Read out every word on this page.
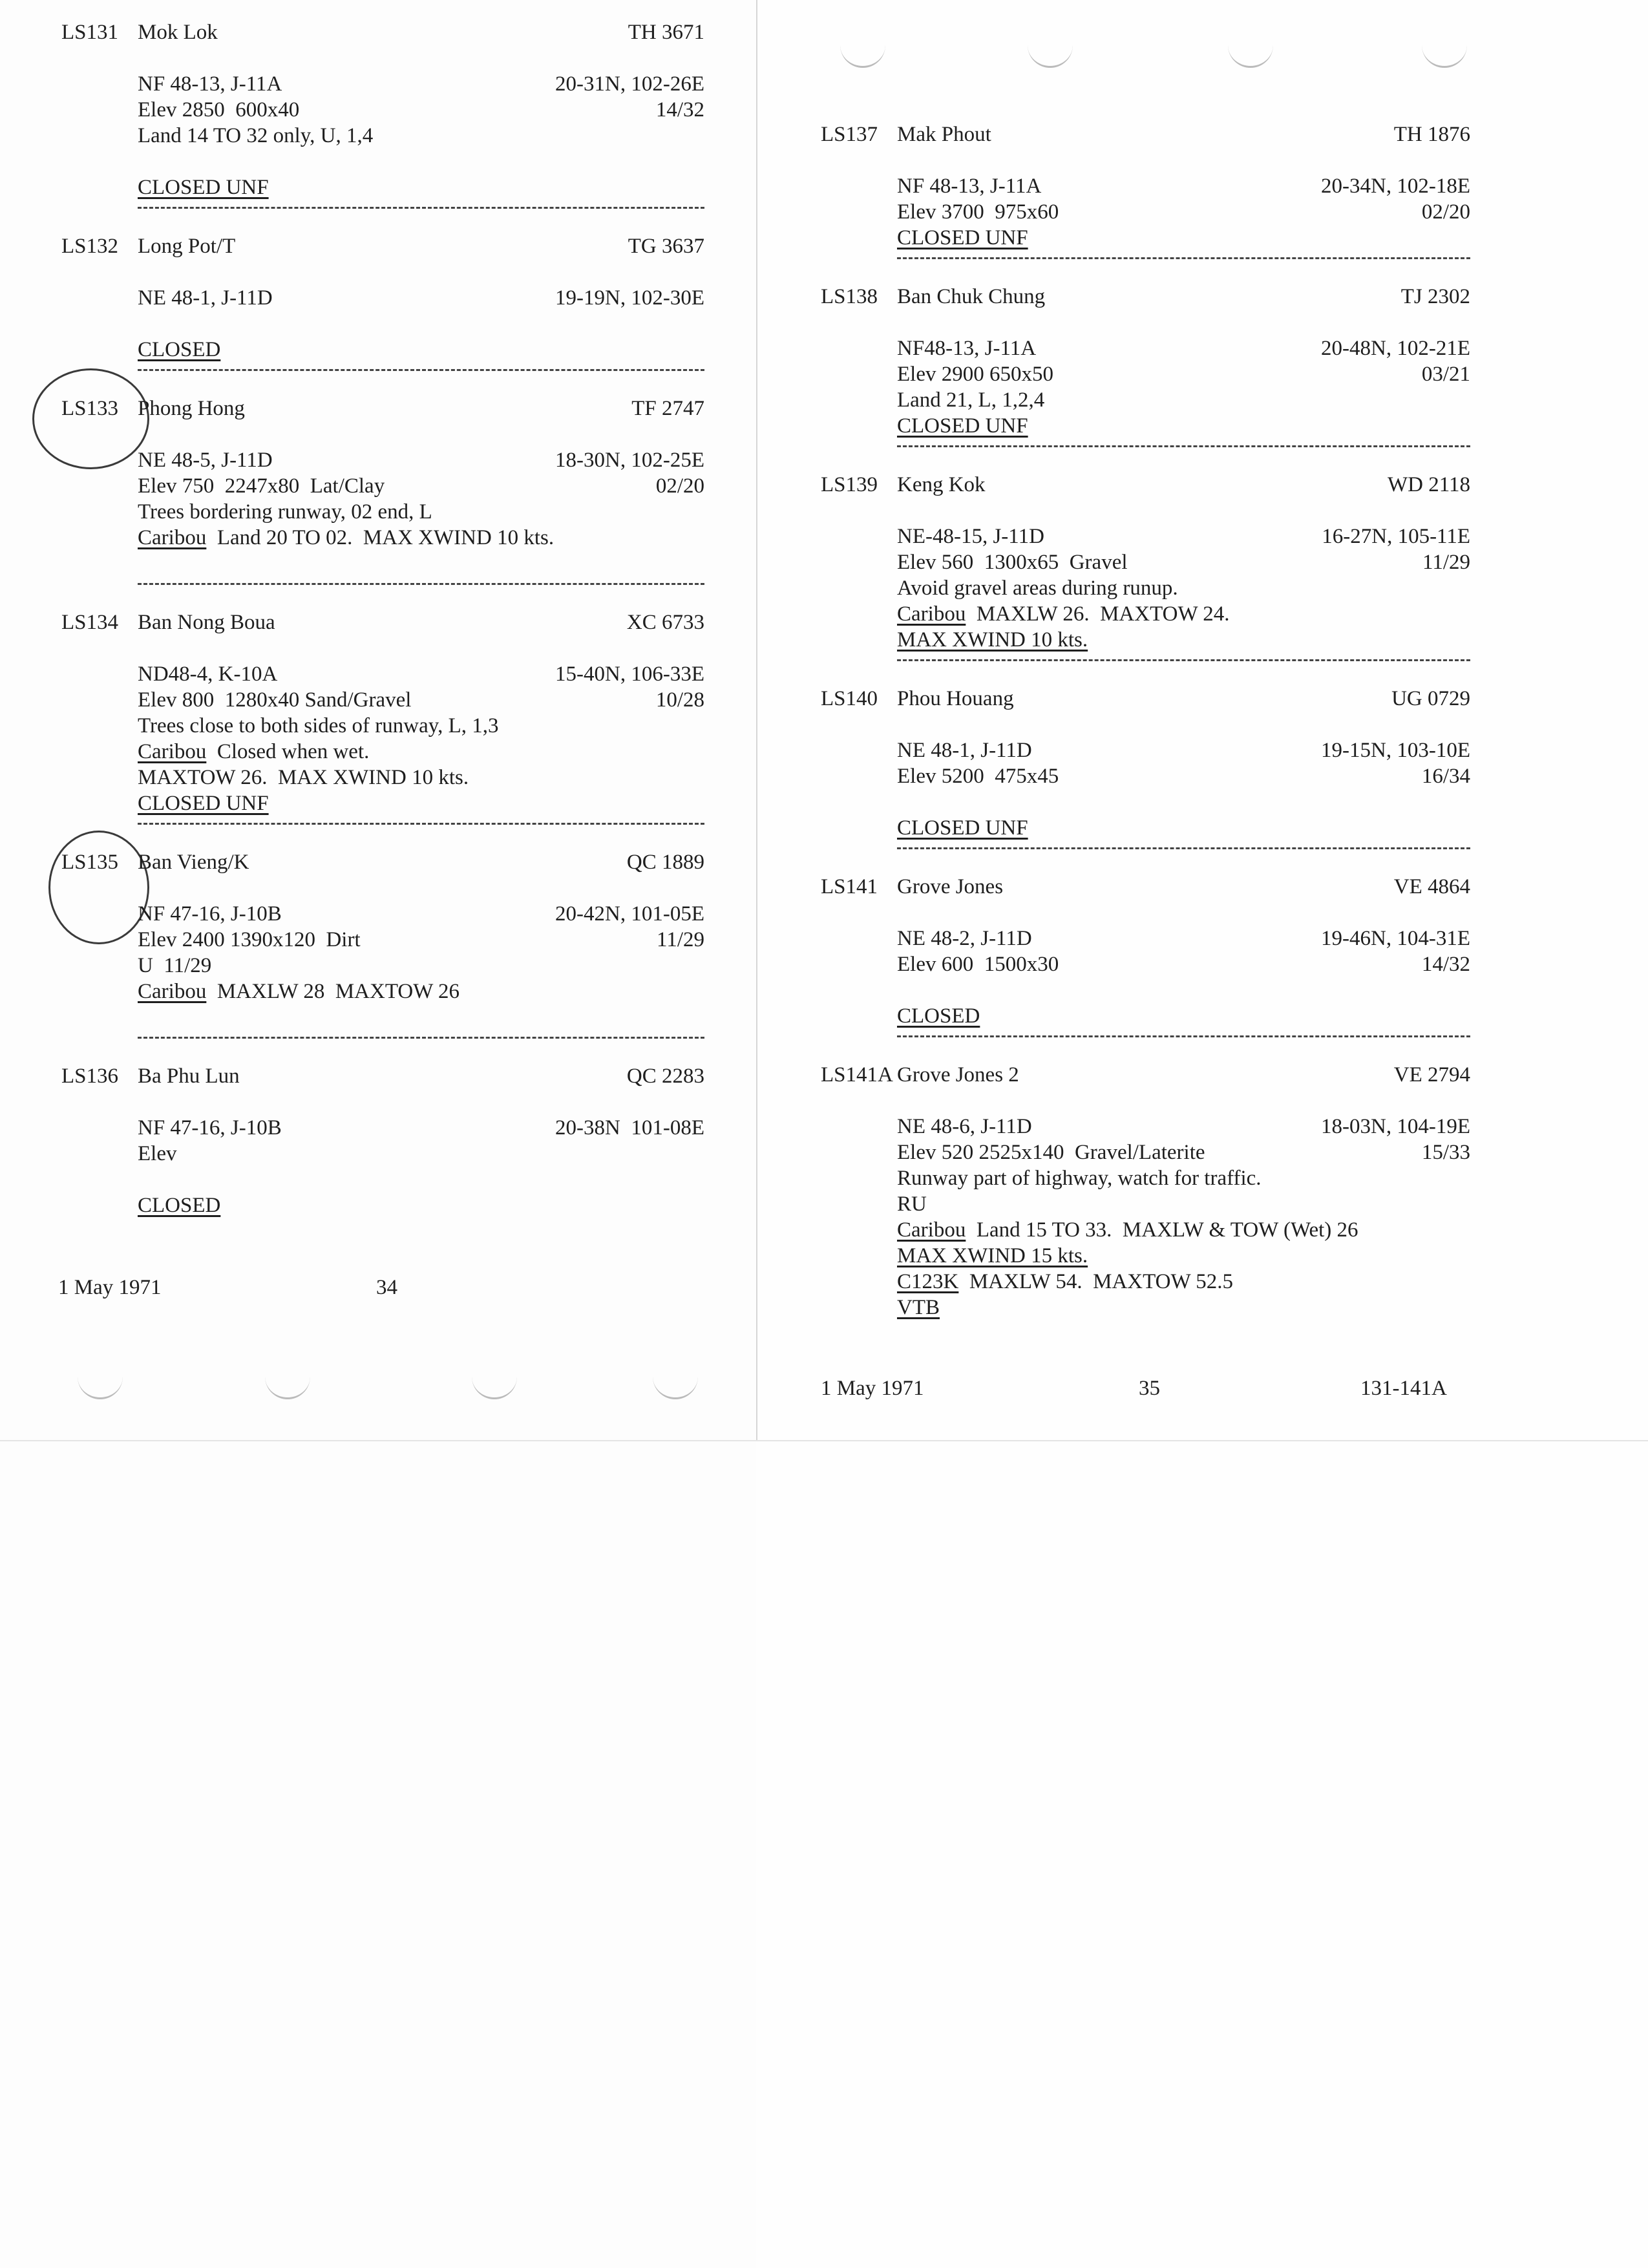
LS131 Mok Lok	TH 3671
NF 48-13, J-11A	20-31N, 102-26E
Elev 2850  600x40	14/32
Land 14 TO 32 only, U, 1,4
CLOSED UNF
LS132 Long Pot/T	TG 3637
NE 48-1, J-11D	19-19N, 102-30E
CLOSED
LS133 Phong Hong	TF 2747
NE 48-5, J-11D	18-30N, 102-25E
Elev 750  2247x80  Lat/Clay	02/20
Trees bordering runway, 02 end, L
Caribou  Land 20 TO 02.  MAX XWIND 10 kts.
LS134 Ban Nong Boua	XC 6733
ND48-4, K-10A	15-40N, 106-33E
Elev 800  1280x40 Sand/Gravel	10/28
Trees close to both sides of runway, L, 1,3
Caribou  Closed when wet.
MAXTOW 26.  MAX XWIND 10 kts.
CLOSED UNF
LS135 Ban Vieng/K	QC 1889
NF 47-16, J-10B	20-42N, 101-05E
Elev 2400 1390x120  Dirt	11/29
U  11/29
Caribou  MAXLW 28  MAXTOW 26
LS136 Ba Phu Lun	QC 2283
NF 47-16, J-10B	20-38N  101-08E
Elev
CLOSED
LS137 Mak Phout	TH 1876
NF 48-13, J-11A	20-34N, 102-18E
Elev 3700  975x60	02/20
CLOSED UNF
LS138 Ban Chuk Chung	TJ 2302
NF48-13, J-11A	20-48N, 102-21E
Elev 2900 650x50	03/21
Land 21, L, 1,2,4
CLOSED UNF
LS139 Keng Kok	WD 2118
NE-48-15, J-11D	16-27N, 105-11E
Elev 560  1300x65  Gravel	11/29
Avoid gravel areas during runup.
Caribou  MAXLW 26.  MAXTOW 24.
MAX XWIND 10 kts.
LS140 Phou Houang	UG 0729
NE 48-1, J-11D	19-15N, 103-10E
Elev 5200  475x45	16/34
CLOSED UNF
LS141 Grove Jones	VE 4864
NE 48-2, J-11D	19-46N, 104-31E
Elev 600  1500x30	14/32
CLOSED
LS141A Grove Jones 2	VE 2794
NE 48-6, J-11D	18-03N, 104-19E
Elev 520 2525x140  Gravel/Laterite	15/33
Runway part of highway, watch for traffic.
RU
Caribou  Land 15 TO 33.  MAXLW & TOW (Wet) 26
MAX XWIND 15 kts.
C123K  MAXLW 54.  MAXTOW 52.5
VTB
1 May 1971	34
1 May 1971	35	131-141A
